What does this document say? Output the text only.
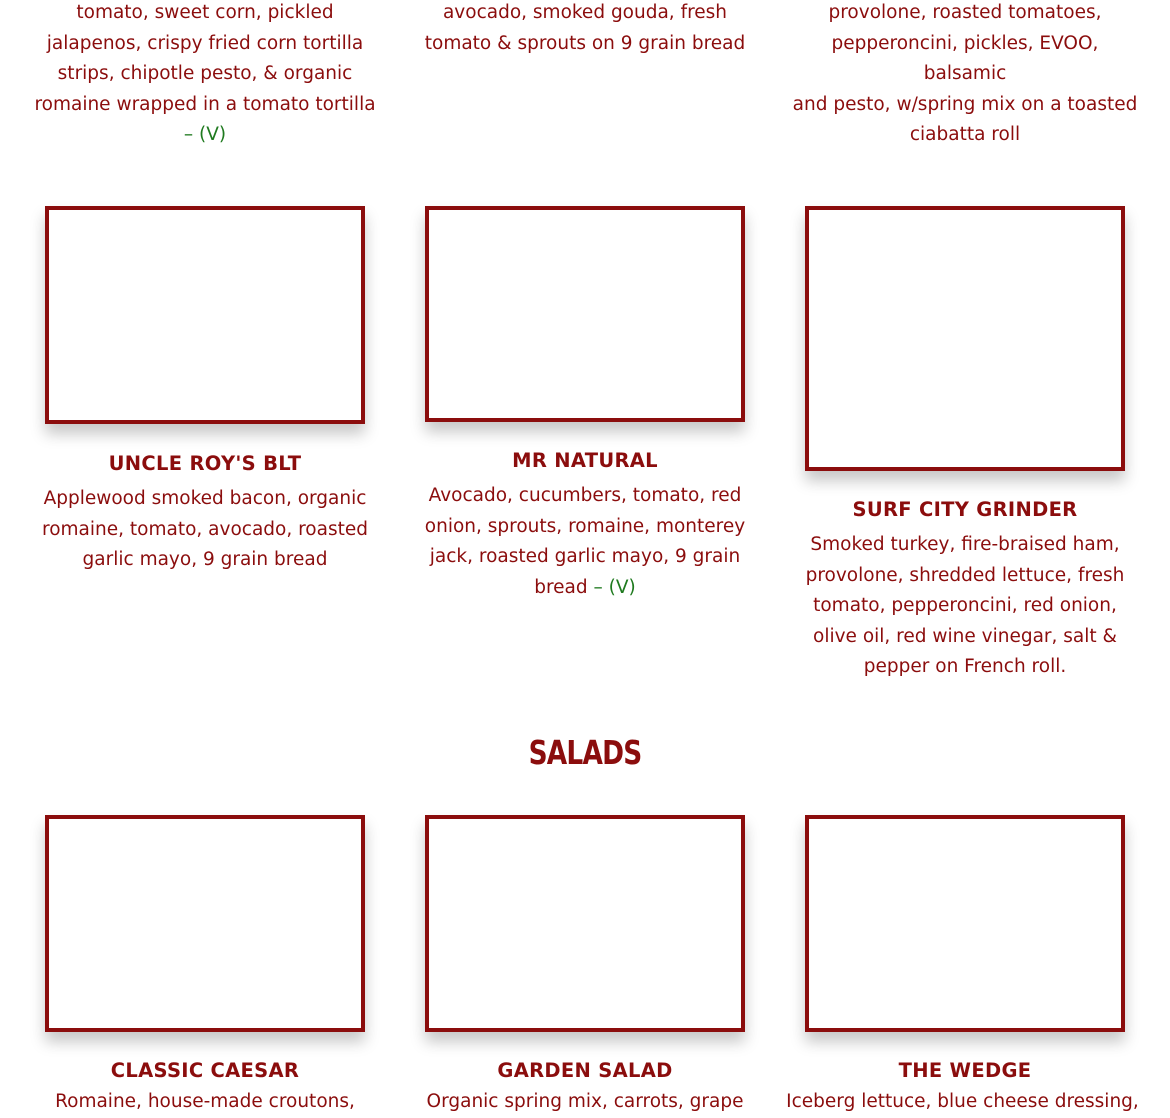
tomato, sweet corn, pickled
jalapenos, crispy fried corn tortilla
strips, chipotle pesto, & organic
romaine wrapped in a tomato tortilla
– (V)
avocado, smoked gouda, fresh
tomato & sprouts on 9 grain bread
provolone, roasted tomatoes,
pepperoncini, pickles, EVOO, balsamic
and pesto, w/spring mix on a toasted
ciabatta roll
UNCLE ROY'S BLT
Applewood smoked bacon, organic
romaine, tomato, avocado, roasted
garlic mayo, 9 grain bread
MR NATURAL
Avocado, cucumbers, tomato, red
onion, sprouts, romaine, monterey
jack, roasted garlic mayo, 9 grain
bread – (V)
SURF CITY GRINDER
Smoked turkey, fire-braised ham,
provolone, shredded lettuce, fresh
tomato, pepperoncini, red onion,
olive oil, red wine vinegar, salt &
pepper on French roll.
SALADS
CLASSIC CAESAR
Romaine, house-made croutons,
GARDEN SALAD
Organic spring mix, carrots, grape
THE WEDGE
Iceberg lettuce, blue cheese dressing,
